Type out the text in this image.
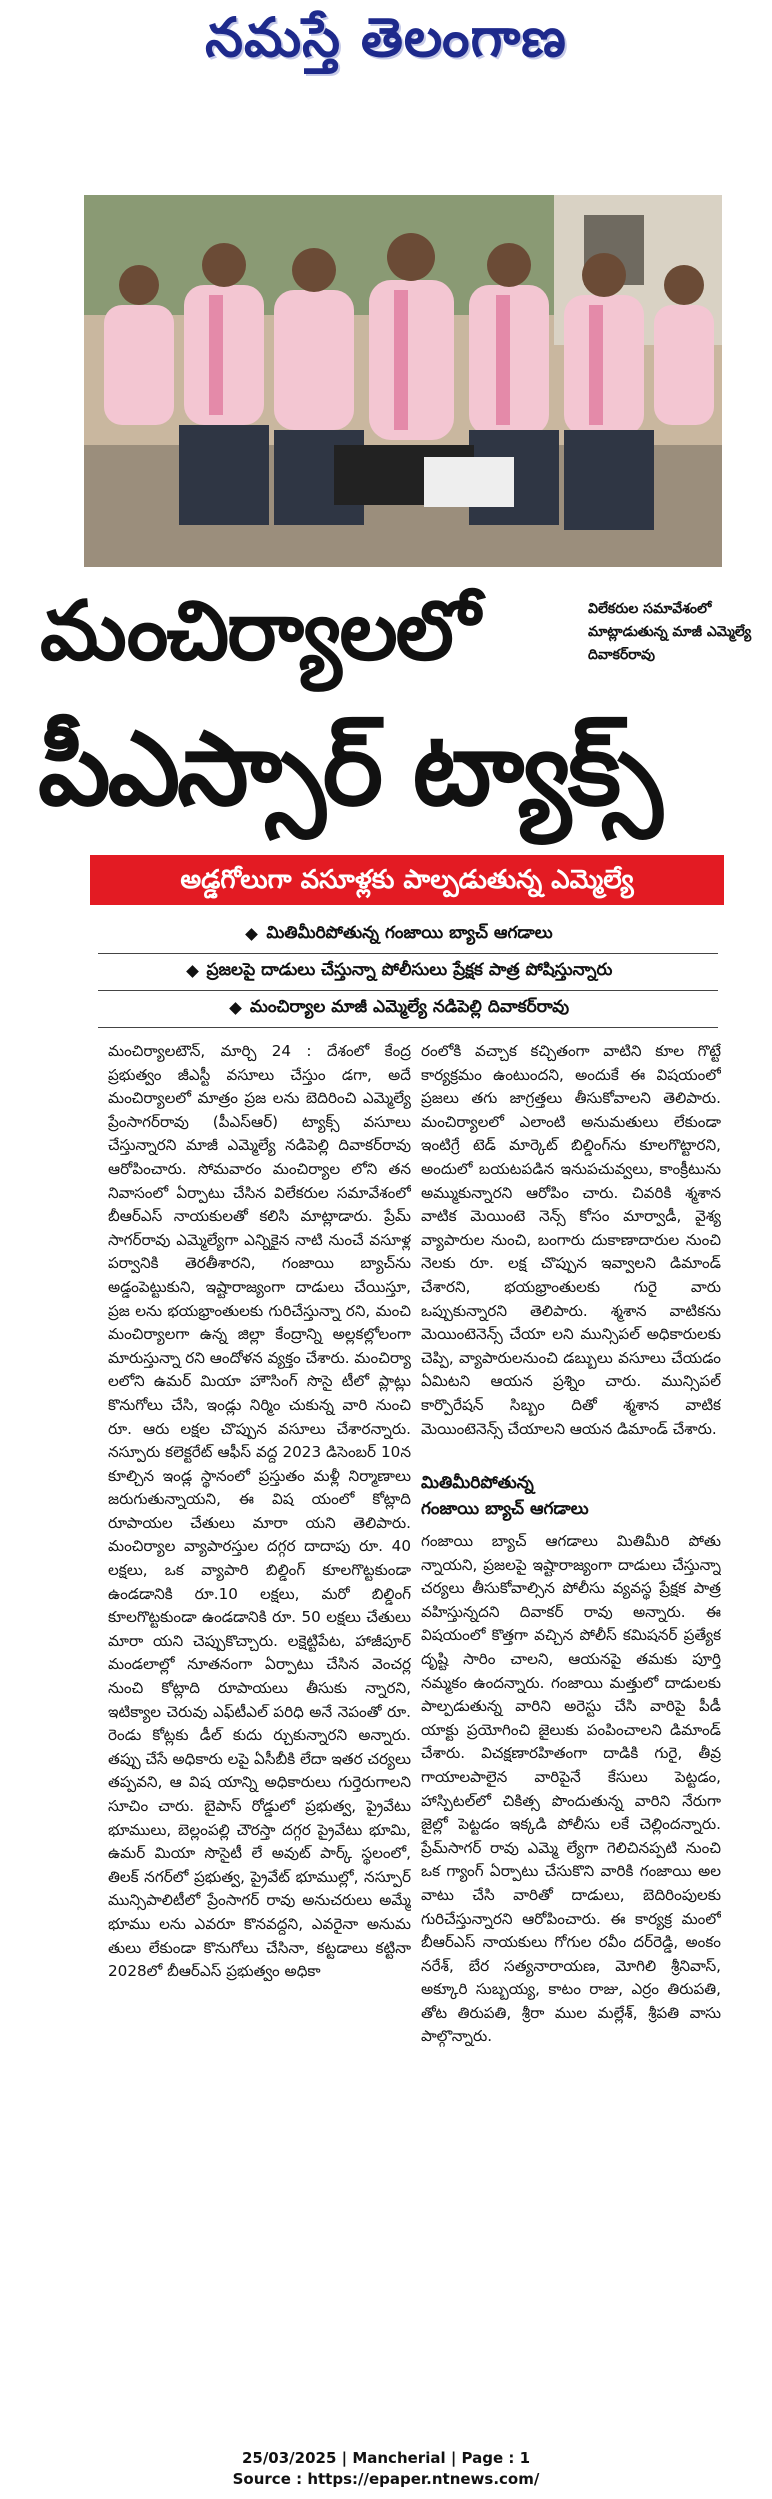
నమస్తే తెలంగాణ
విలేకరుల సమావేశంలో మాట్లాడుతున్న మాజీ ఎమ్మెల్యే దివాకర్‌రావు
మంచిర్యాలలో
పీఎస్సార్‌ ట్యాక్స్‌
అడ్డగోలుగా వసూళ్లకు పాల్పడుతున్న ఎమ్మెల్యే
మితిమీరిపోతున్న గంజాయి బ్యాచ్‌ ఆగడాలు
ప్రజలపై దాడులు చేస్తున్నా పోలీసులు ప్రేక్షక పాత్ర పోషిస్తున్నారు
మంచిర్యాల మాజీ ఎమ్మెల్యే నడిపెల్లి దివాకర్‌రావు

మంచిర్యాలటౌన్‌, మార్చి 24 : దేశంలో కేంద్ర ప్రభుత్వం జీఎస్టీ వసూలు చేస్తుం డగా, అదే మంచిర్యాలలో మాత్రం ప్రజ లను బెదిరించి ఎమ్మెల్యే ప్రేంసాగర్‌రావు (పీఎస్‌ఆర్‌) ట్యాక్స్‌ వసూలు చేస్తున్నారని మాజీ ఎమ్మెల్యే నడిపెల్లి దివాకర్‌రావు ఆరోపించారు. సోమవారం మంచిర్యాల లోని తన నివాసంలో ఏర్పాటు చేసిన విలేకరుల సమావేశంలో బీఆర్‌ఎస్‌ నాయకులతో కలిసి మాట్లాడారు. ప్రేమ్‌ సాగర్‌రావు ఎమ్మెల్యేగా ఎన్నికైన నాటి నుంచే వసూళ్ల పర్వానికి తెరతీశారని, గంజాయి బ్యాచ్‌ను అడ్డంపెట్టుకుని, ఇష్టారాజ్యంగా దాడులు చేయిస్తూ, ప్రజ లను భయభ్రాంతులకు గురిచేస్తున్నా రని, మంచి మంచిర్యాలగా ఉన్న జిల్లా కేంద్రాన్ని అల్లకల్లోలంగా మారుస్తున్నా రని ఆందోళన వ్యక్తం చేశారు. మంచిర్యా లలోని ఉమర్‌ మియా హౌసింగ్‌ సొసై టీలో ప్లాట్లు కొనుగోలు చేసి, ఇండ్లు నిర్మిం చుకున్న వారి నుంచి రూ. ఆరు లక్షల చొప్పున వసూలు చేశారన్నారు. నస్పూరు కలెక్టరేట్‌ ఆఫీస్‌ వద్ద 2023 డిసెంబర్‌ 10న కూల్చిన ఇండ్ల స్థానంలో ప్రస్తుతం మళ్లీ నిర్మాణాలు జరుగుతున్నాయని, ఈ విష యంలో కోట్లాది రూపాయల చేతులు మారా యని తెలిపారు. మంచిర్యాల వ్యాపారస్తుల దగ్గర దాదాపు రూ. 40 లక్షలు, ఒక వ్యాపారి బిల్డింగ్‌ కూలగొట్టకుండా ఉండడానికి రూ.10 లక్షలు, మరో బిల్డింగ్‌ కూలగొట్టకుండా ఉండడానికి రూ. 50 లక్షలు చేతులు మారా యని చెప్పుకొచ్చారు. లక్షెట్టిపేట, హాజీపూర్‌ మండలాల్లో నూతనంగా ఏర్పాటు చేసిన వెంచర్ల నుంచి కోట్లాది రూపాయలు తీసుకు న్నారని, ఇటిక్యాల చెరువు ఎఫ్‌టీఎల్‌ పరిధి అనే నెపంతో రూ. రెండు కోట్లకు డీల్‌ కుదు ర్చుకున్నారని అన్నారు. తప్పు చేసే అధికారు లపై ఏసీబీకి లేదా ఇతర చర్యలు తప్పవని, ఆ విష యాన్ని అధికారులు గుర్తెరుగాలని సూచిం చారు. బైపాస్‌ రోడ్డులో ప్రభుత్వ, ప్రైవేటు భూములు, బెల్లంపల్లి చౌరస్తా దగ్గర ప్రైవేటు భూమి, ఉమర్‌ మియా సొసైటీ లే అవుట్‌ పార్క్‌ స్థలంలో, తిలక్‌ నగర్‌లో ప్రభుత్వ, ప్రైవేట్‌ భూముల్లో, నస్పూర్‌ మున్సిపాలిటీలో ప్రేంసాగర్‌ రావు అనుచరులు అమ్మే భూము లను ఎవరూ కొనవద్దని, ఎవరైనా అనుమ తులు లేకుండా కొనుగోలు చేసినా, కట్టడాలు కట్టినా 2028లో బీఆర్‌ఎస్‌ ప్రభుత్వం అధికా

రంలోకి వచ్చాక కచ్చితంగా వాటిని కూల గొట్టే కార్యక్రమం ఉంటుందని, అందుకే ఈ విషయంలో ప్రజలు తగు జాగ్రత్తలు తీసుకోవాలని తెలిపారు. మంచిర్యాలలో ఎలాంటి అనుమతులు లేకుండా ఇంటిగ్రే టెడ్‌ మార్కెట్‌ బిల్డింగ్‌ను కూలగొట్టారని, అందులో బయటపడిన ఇనుపచువ్వలు, కాంక్రీటును అమ్ముకున్నారని ఆరోపిం చారు. చివరికి శ్మశాన వాటిక మెయింటె నెన్స్‌ కోసం మార్వాడీ, వైశ్య వ్యాపారుల నుంచి, బంగారు దుకాణాదారుల నుంచి నెలకు రూ. లక్ష చొప్పున ఇవ్వాలని డిమాండ్‌ చేశారని, భయభ్రాంతులకు గురై వారు ఒప్పుకున్నారని తెలిపారు. శ్మశాన వాటికను మెయింటెనెన్స్‌ చేయా లని మున్సిపల్‌ అధికారులకు చెప్పి, వ్యాపారులనుంచి డబ్బులు వసూలు చేయడం ఏమిటని ఆయన ప్రశ్నిం చారు. మున్సిపల్‌ కార్పొరేషన్‌ సిబ్బం దితో శ్మశాన వాటిక మెయింటెనెన్స్‌ చేయాలని ఆయన డిమాండ్‌ చేశారు.

మితిమీరిపోతున్న
గంజాయి బ్యాచ్‌ ఆగడాలు

గంజాయి బ్యాచ్‌ ఆగడాలు మితిమీరి పోతు న్నాయని, ప్రజలపై ఇష్టారాజ్యంగా దాడులు చేస్తున్నా చర్యలు తీసుకోవాల్సిన పోలీసు వ్యవస్థ ప్రేక్షక పాత్ర వహిస్తున్నదని దివాకర్‌ రావు అన్నారు. ఈ విషయంలో కొత్తగా వచ్చిన పోలీస్‌ కమిషనర్‌ ప్రత్యేక దృష్టి సారిం చాలని, ఆయనపై తమకు పూర్తి నమ్మకం ఉందన్నారు. గంజాయి మత్తులో దాడులకు పాల్పడుతున్న వారిని అరెస్టు చేసి వారిపై పీడీ యాక్టు ప్రయోగించి జైలుకు పంపించాలని డిమాండ్‌ చేశారు. విచక్షణారహితంగా దాడికి గురై, తీవ్ర గాయాలపాలైన వారిపైనే కేసులు పెట్టడం, హాస్పిటల్‌లో చికిత్స పొందుతున్న వారిని నేరుగా జైల్లో పెట్టడం ఇక్కడి పోలీసు లకే చెల్లిందన్నారు. ప్రేమ్‌సాగర్‌ రావు ఎమ్మె ల్యేగా గెలిచినప్పటి నుంచి ఒక గ్యాంగ్‌ ఏర్పాటు చేసుకొని వారికి గంజాయి అల వాటు చేసి వారితో దాడులు, బెదిరింపులకు గురిచేస్తున్నారని ఆరోపించారు. ఈ కార్యక్ర మంలో బీఆర్‌ఎస్‌ నాయకులు గోగుల రవీం దర్‌రెడ్డి, అంకం నరేశ్‌, బేర సత్యనారాయణ, మోగిలి శ్రీనివాస్‌, అక్కూరి సుబ్బయ్య, కాటం రాజు, ఎర్రం తిరుపతి, తోట తిరుపతి, శ్రీరా ముల మల్లేశ్‌, శ్రీపతి వాసు పాల్గొన్నారు.

25/03/2025 | Mancherial | Page : 1
Source : https://epaper.ntnews.com/
